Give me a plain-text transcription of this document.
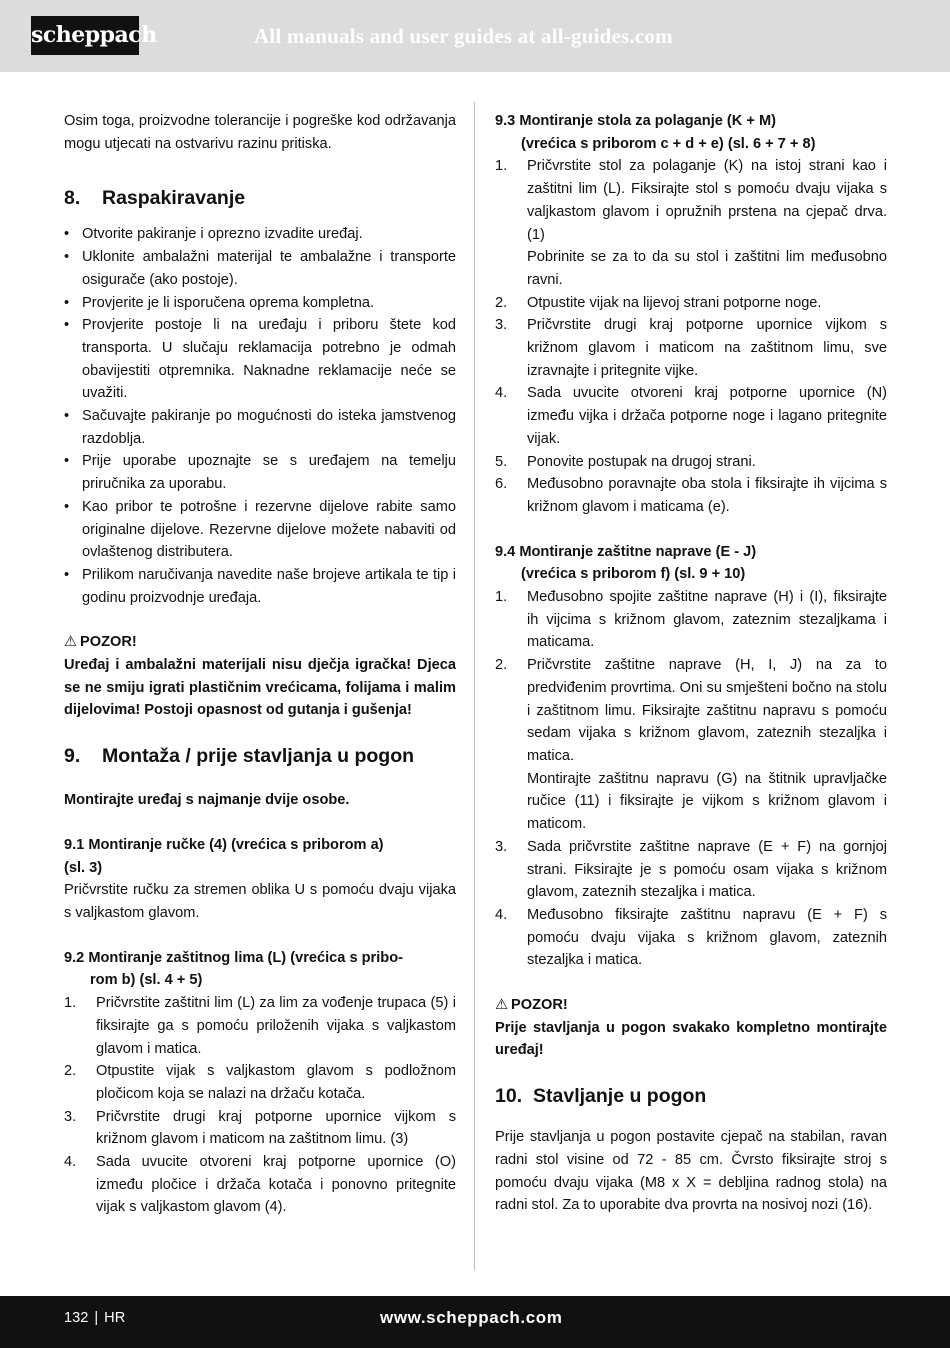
scheppach	All manuals and user guides at all-guides.com

Osim toga, proizvodne tolerancije i pogreške kod održavanja mogu utjecati na ostvarivu razinu pritiska.

8. Raspakiravanje
• Otvorite pakiranje i oprezno izvadite uređaj.
• Uklonite ambalažni materijal te ambalažne i transporte osigurače (ako postoje).
• Provjerite je li isporučena oprema kompletna.
• Provjerite postoje li na uređaju i priboru štete kod transporta. U slučaju reklamacija potrebno je odmah obavijestiti otpremnika. Naknadne reklamacije neće se uvažiti.
• Sačuvajte pakiranje po mogućnosti do isteka jamstvenog razdoblja.
• Prije uporabe upoznajte se s uređajem na temelju priručnika za uporabu.
• Kao pribor te potrošne i rezervne dijelove rabite samo originalne dijelove. Rezervne dijelove možete nabaviti od ovlaštenog distributera.
• Prilikom naručivanja navedite naše brojeve artikala te tip i godinu proizvodnje uređaja.
⚠ POZOR!

Uređaj i ambalažni materijali nisu dječja igračka! Djeca se ne smiju igrati plastičnim vrećicama, folijama i malim dijelovima! Postoji opasnost od gutanja i gušenja!

9. Montaža / prije stavljanja u pogon

Montirajte uređaj s najmanje dvije osobe.

9.1 Montiranje ručke (4) (vrećica s priborom a)
(sl. 3)

Pričvrstite ručku za stremen oblika U s pomoću dvaju vijaka s valjkastom glavom.

9.2 Montiranje zaštitnog lima (L) (vrećica s pribo-
rom b) (sl. 4 + 5)
1. Pričvrstite zaštitni lim (L) za lim za vođenje trupaca (5) i fiksirajte ga s pomoću priloženih vijaka s valjkastom glavom i matica.
2. Otpustite vijak s valjkastom glavom s podložnom pločicom koja se nalazi na držaču kotača.
3. Pričvrstite drugi kraj potporne upornice vijkom s križnom glavom i maticom na zaštitnom limu. (3)
4. Sada uvucite otvoreni kraj potporne upornice (O) između pločice i držača kotača i ponovno pritegnite vijak s valjkastom glavom (4).
9.3 Montiranje stola za polaganje (K + M)
(vrećica s priborom c + d + e) (sl. 6 + 7 + 8)
1. Pričvrstite stol za polaganje (K) na istoj strani kao i zaštitni lim (L). Fiksirajte stol s pomoću dvaju vijaka s valjkastom glavom i opružnih prstena na cjepač drva. (1)
Pobrinite se za to da su stol i zaštitni lim međusobno ravni.
2. Otpustite vijak na lijevoj strani potporne noge.
3. Pričvrstite drugi kraj potporne upornice vijkom s križnom glavom i maticom na zaštitnom limu, sve izravnajte i pritegnite vijke.
4. Sada uvucite otvoreni kraj potporne upornice (N) između vijka i držača potporne noge i lagano pritegnite vijak.
5. Ponovite postupak na drugoj strani.
6. Međusobno poravnajte oba stola i fiksirajte ih vijcima s križnom glavom i maticama (e).
9.4 Montiranje zaštitne naprave (E - J)
(vrećica s priborom f) (sl. 9 + 10)
1. Međusobno spojite zaštitne naprave (H) i (I), fiksirajte ih vijcima s križnom glavom, zateznim stezaljkama i maticama.
2. Pričvrstite zaštitne naprave (H, I, J) na za to predviđenim provrtima. Oni su smješteni bočno na stolu i zaštitnom limu. Fiksirajte zaštitnu napravu s pomoću sedam vijaka s križnom glavom, zateznih stezaljka i matica.
Montirajte zaštitnu napravu (G) na štitnik upravljačke ručice (11) i fiksirajte je vijkom s križnom glavom i maticom.
3. Sada pričvrstite zaštitne naprave (E + F) na gornjoj strani. Fiksirajte je s pomoću osam vijaka s križnom glavom, zateznih stezaljka i matica.
4. Međusobno fiksirajte zaštitnu napravu (E + F) s pomoću dvaju vijaka s križnom glavom, zateznih stezaljka i matica.
⚠ POZOR!

Prije stavljanja u pogon svakako kompletno montirajte uređaj!

10. Stavljanje u pogon

Prije stavljanja u pogon postavite cjepač na stabilan, ravan radni stol visine od 72 - 85 cm. Čvrsto fiksirajte stroj s pomoću dvaju vijaka (M8 x X = debljina radnog stola) na radni stol. Za to uporabite dva provrta na nosivoj nozi (16).

132 | HR	www.scheppach.com
